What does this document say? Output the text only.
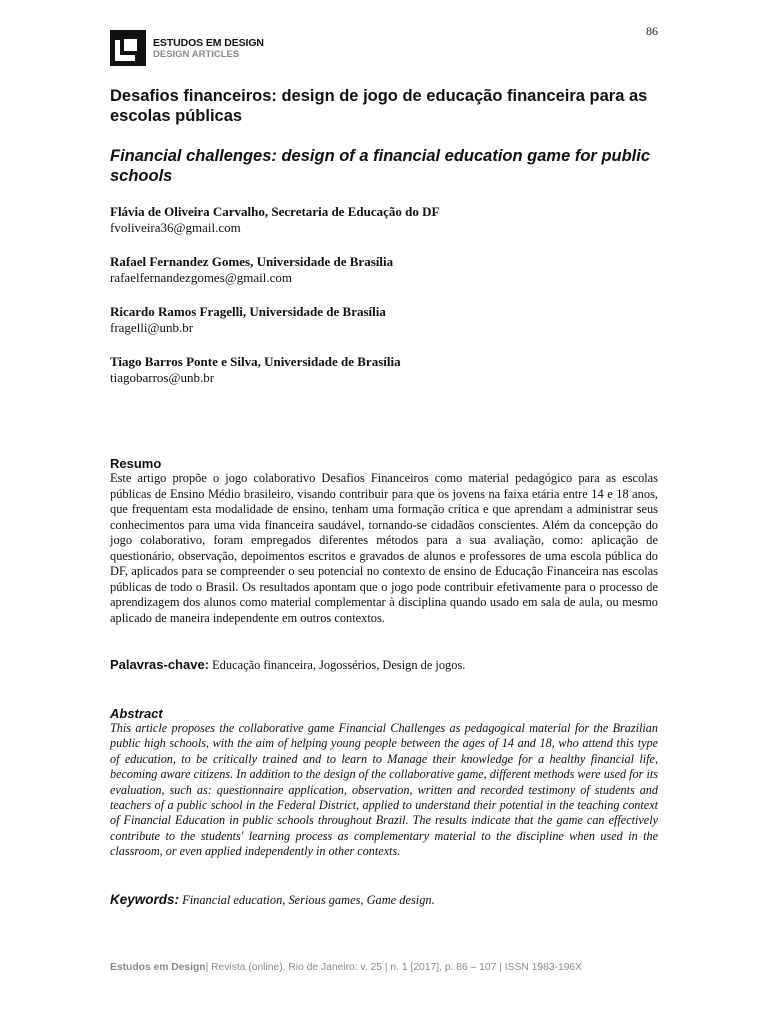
86
ESTUDOS EM DESIGN
DESIGN ARTICLES
Desafios financeiros: design de jogo de educação financeira para as escolas públicas
Financial challenges: design of a financial education game for public schools
Flávia de Oliveira Carvalho, Secretaria de Educação do DF
fvoliveira36@gmail.com
Rafael Fernandez Gomes, Universidade de Brasília
rafaelfernandezgomes@gmail.com
Ricardo Ramos Fragelli, Universidade de Brasília
fragelli@unb.br
Tiago Barros Ponte e Silva, Universidade de Brasília
tiagobarros@unb.br
Resumo
Este artigo propõe o jogo colaborativo Desafios Financeiros como material pedagógico para as escolas públicas de Ensino Médio brasileiro, visando contribuir para que os jovens na faixa etária entre 14 e 18 anos, que frequentam esta modalidade de ensino, tenham uma formação crítica e que aprendam a administrar seus conhecimentos para uma vida financeira saudável, tornando-se cidadãos conscientes. Além da concepção do jogo colaborativo, foram empregados diferentes métodos para a sua avaliação, como: aplicação de questionário, observação, depoimentos escritos e gravados de alunos e professores de uma escola pública do DF, aplicados para se compreender o seu potencial no contexto de ensino de Educação Financeira nas escolas públicas de todo o Brasil. Os resultados apontam que o jogo pode contribuir efetivamente para o processo de aprendizagem dos alunos como material complementar à disciplina quando usado em sala de aula, ou mesmo aplicado de maneira independente em outros contextos.
Palavras-chave: Educação financeira, Jogossérios, Design de jogos.
Abstract
This article proposes the collaborative game Financial Challenges as pedagogical material for the Brazilian public high schools, with the aim of helping young people between the ages of 14 and 18, who attend this type of education, to be critically trained and to learn to Manage their knowledge for a healthy financial life, becoming aware citizens. In addition to the design of the collaborative game, different methods were used for its evaluation, such as: questionnaire application, observation, written and recorded testimony of students and teachers of a public school in the Federal District, applied to understand their potential in the teaching context of Financial Education in public schools throughout Brazil. The results indicate that the game can effectively contribute to the students' learning process as complementary material to the discipline when used in the classroom, or even applied independently in other contexts.
Keywords: Financial education, Serious games, Game design.
Estudos em Design| Revista (online). Rio de Janeiro: v. 25 | n. 1 [2017], p. 86 – 107 | ISSN 1983-196X
